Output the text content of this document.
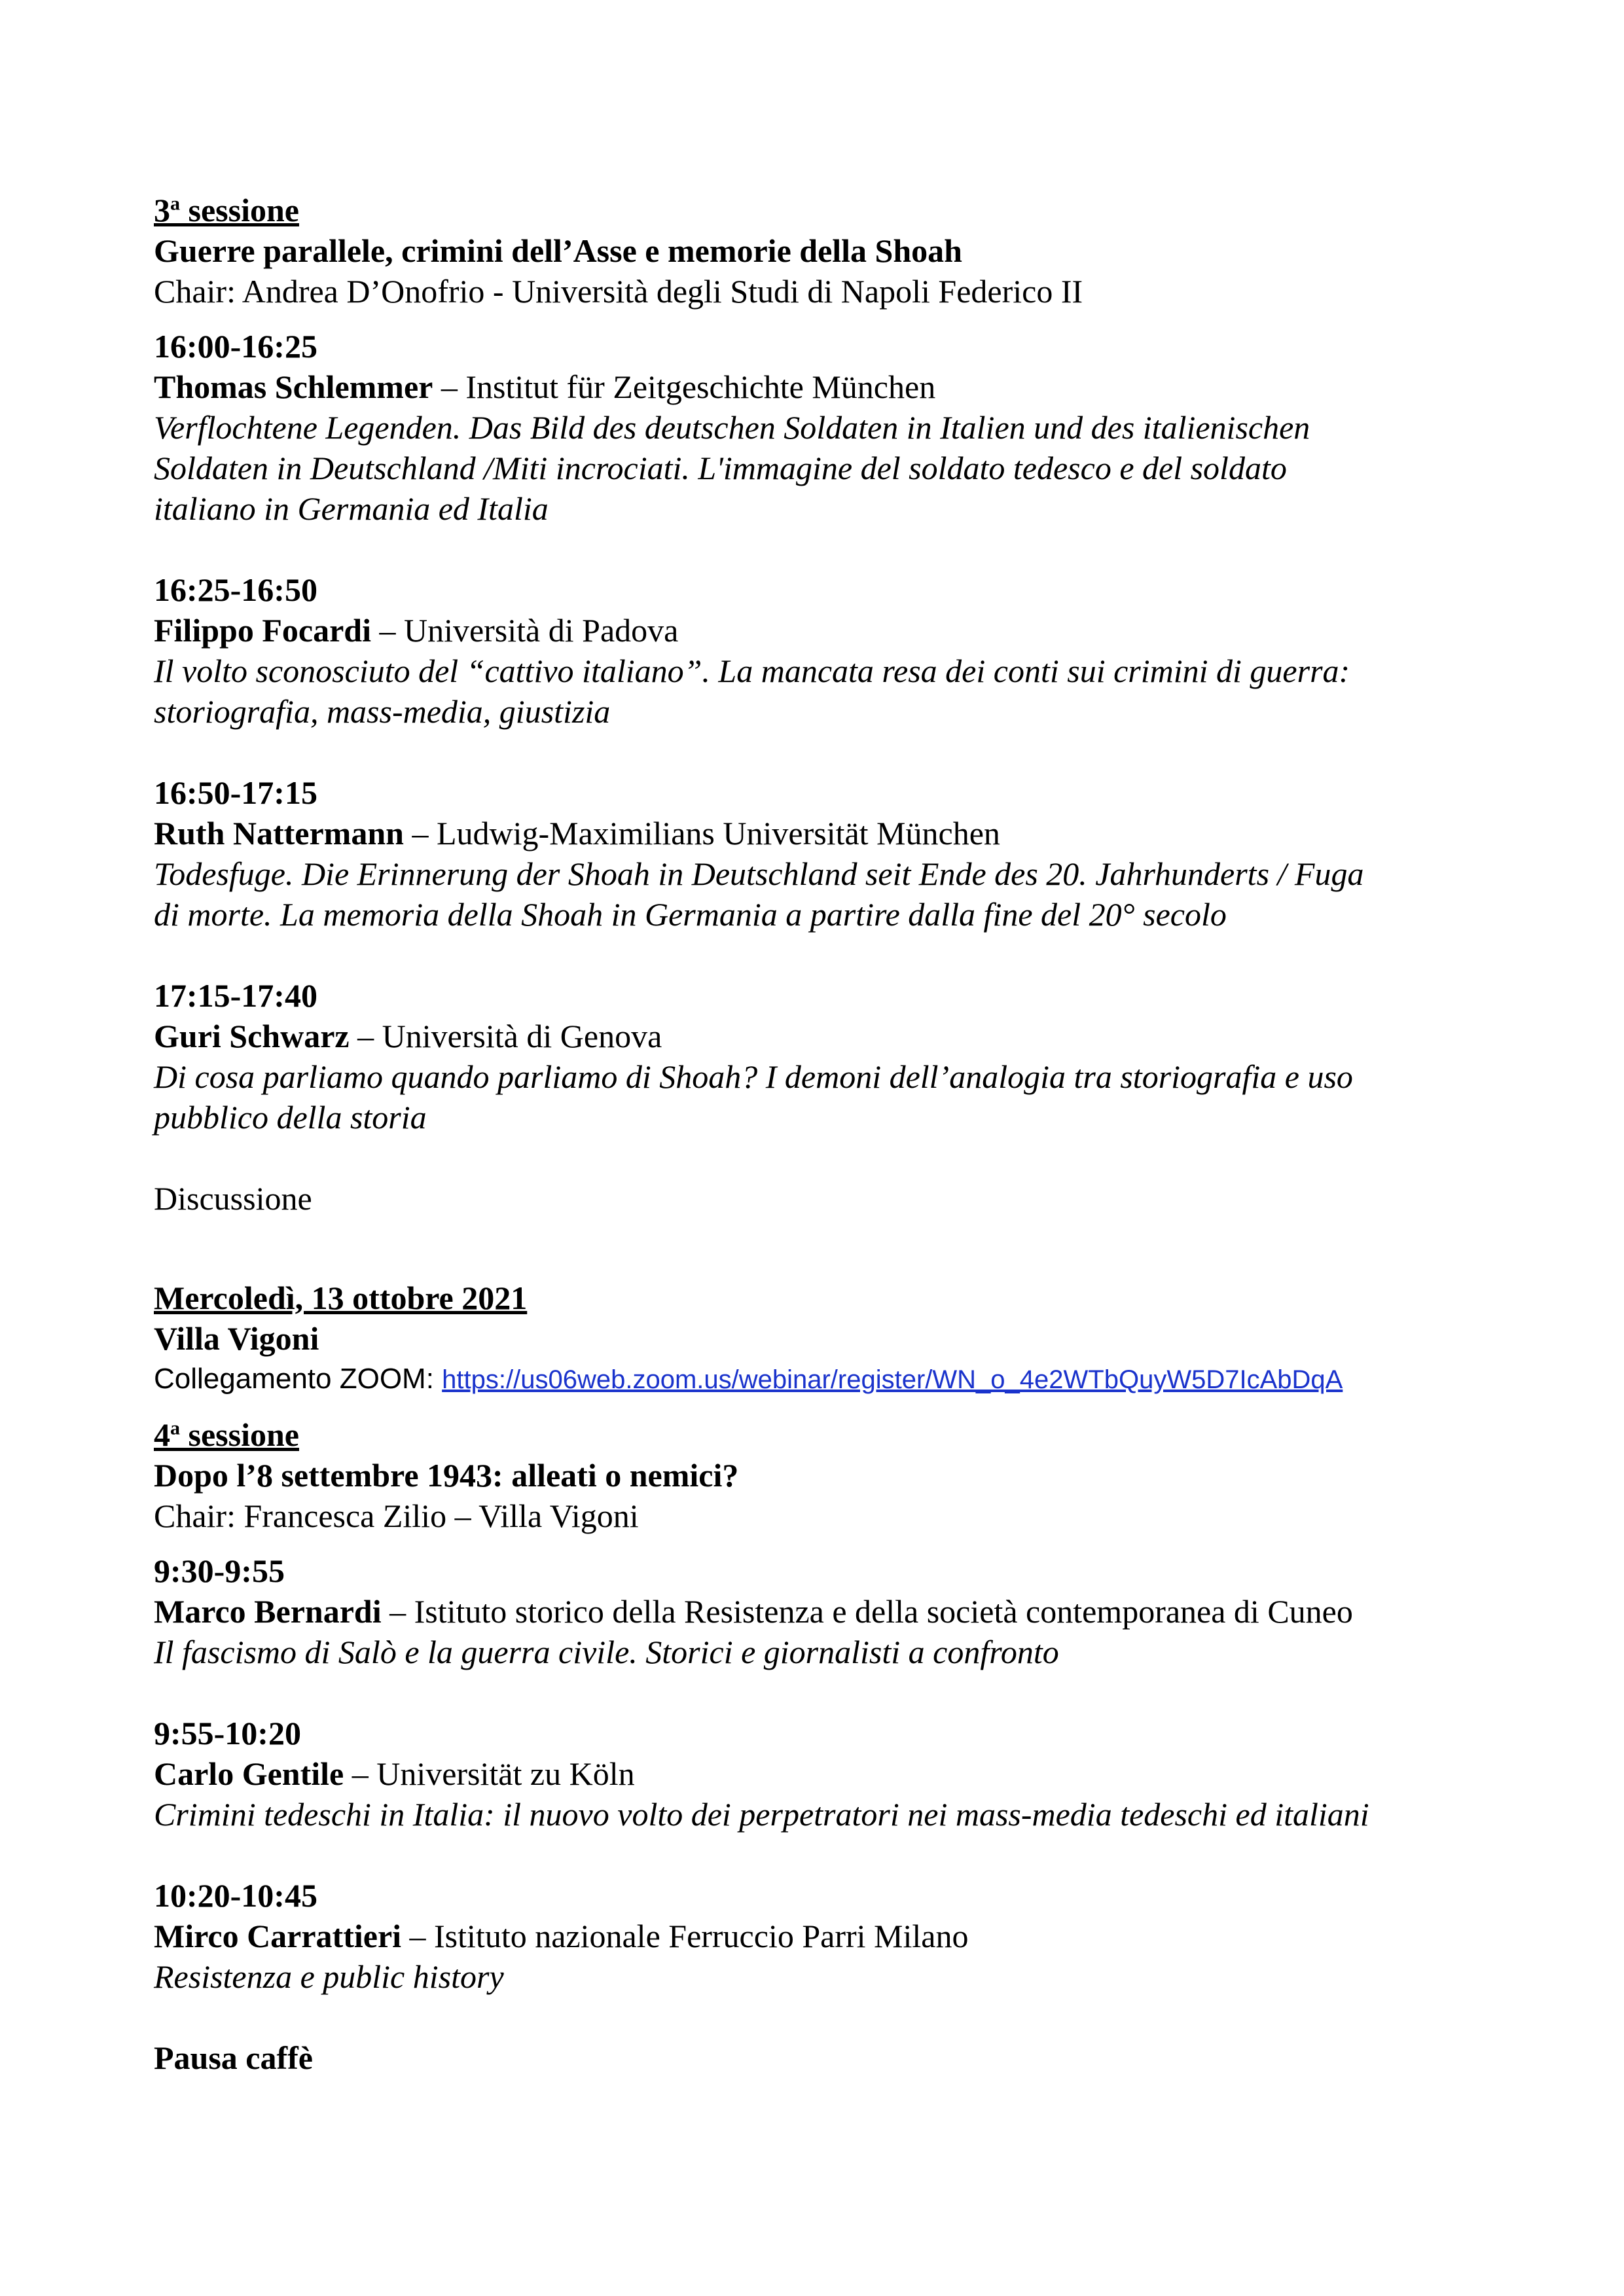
3$^a$ sessione
Guerre parallele, crimini dell’Asse e memorie della Shoah
Chair: Andrea D’Onofrio - Università degli Studi di Napoli Federico II
16:00-16:25
Thomas Schlemmer – Institut für Zeitgeschichte München
Verflochtene Legenden. Das Bild des deutschen Soldaten in Italien und des italienischen
Soldaten in Deutschland /Miti incrociati. L'immagine del soldato tedesco e del soldato
italiano in Germania ed Italia
16:25-16:50
Filippo Focardi – Università di Padova
Il volto sconosciuto del “cattivo italiano”. La mancata resa dei conti sui crimini di guerra:
storiografia, mass-media, giustizia
16:50-17:15
Ruth Nattermann – Ludwig-Maximilians Universität München
Todesfuge. Die Erinnerung der Shoah in Deutschland seit Ende des 20. Jahrhunderts / Fuga
di morte. La memoria della Shoah in Germania a partire dalla fine del 20° secolo
17:15-17:40
Guri Schwarz – Università di Genova
Di cosa parliamo quando parliamo di Shoah? I demoni dell’analogia tra storiografia e uso
pubblico della storia
Discussione
Mercoledì, 13 ottobre 2021
Villa Vigoni
Collegamento ZOOM: https://us06web.zoom.us/webinar/register/WN_o_4e2WTbQuyW5D7IcAbDqA
4$^a$ sessione
Dopo l’8 settembre 1943: alleati o nemici?
Chair: Francesca Zilio – Villa Vigoni
9:30-9:55
Marco Bernardi – Istituto storico della Resistenza e della società contemporanea di Cuneo
Il fascismo di Salò e la guerra civile. Storici e giornalisti a confronto
9:55-10:20
Carlo Gentile – Universität zu Köln
Crimini tedeschi in Italia: il nuovo volto dei perpetratori nei mass-media tedeschi ed italiani
10:20-10:45
Mirco Carrattieri – Istituto nazionale Ferruccio Parri Milano
Resistenza e public history
Pausa caffè
